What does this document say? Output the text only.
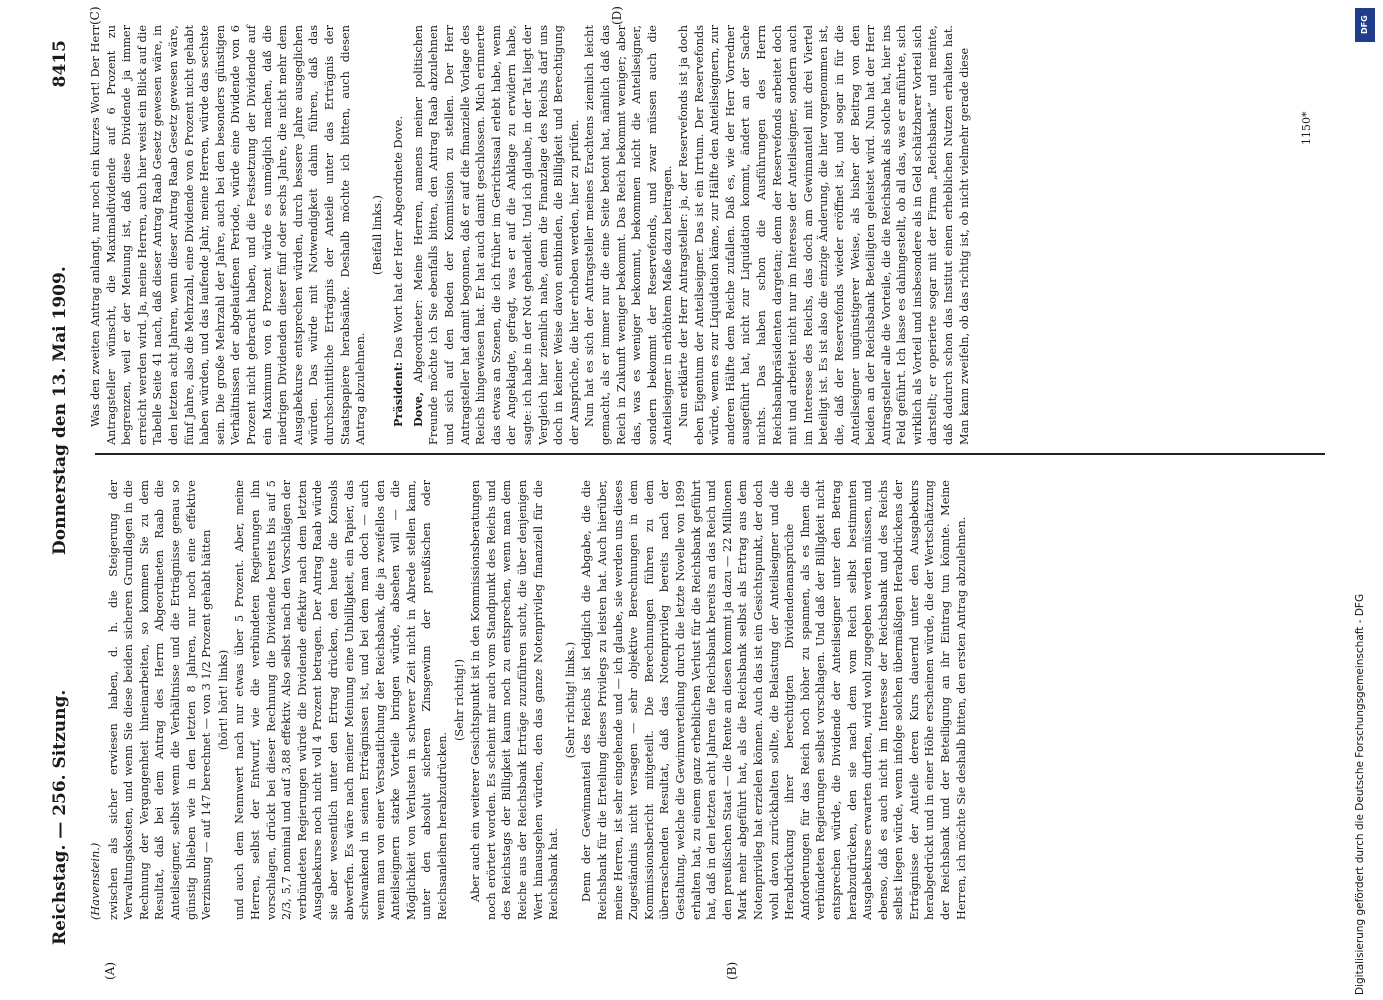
Reichstag. — 256. Sitzung.
Donnerstag den 13. Mai 1909.
8415
(A)	(B)
(C)	(D)

(Havenstein.) zwischen als sicher erwiesen haben, d. h. die Steigerung der Verwaltungskosten, und wenn Sie diese beiden sicheren Grundlagen in die Rechnung der Vergangenheit hineinarbeiten, so kommen Sie zu dem Resultat, daß bei dem Antrag des Herrn Abgeordneten Raab die Anteilseigner, selbst wenn die Verhältnisse und die Erträgnisse genau so günstig blieben wie in den letzten 8 Jahren, nur noch eine effektive Verzinsung — auf 147 berechnet — von 3 1/2 Prozent gehabt hätten (hört! hört! links) und auch dem Nennwert nach nur etwas über 5 Prozent. Aber, meine Herren, selbst der Entwurf, wie die verbündeten Regierungen ihn vorschlagen, drückt bei dieser Rechnung die Dividende bereits bis auf 5 2/3, 5,7 nominal und auf 3,88 effektiv. Also selbst nach den Vorschlägen der verbündeten Regierungen würde die Dividende effektiv nach dem letzten Ausgabekurse noch nicht voll 4 Prozent betragen. Der Antrag Raab würde sie aber wesentlich unter den Ertrag drücken, den heute die Konsols abwerfen. Es wäre nach meiner Meinung eine Unbilligkeit, ein Papier, das schwankend in seinen Erträgnissen ist, und bei dem man doch — auch wenn man von einer Verstaatlichung der Reichsbank, die ja zweifellos den Anteilseignern starke Vorteile bringen würde, absehen will — die Möglichkeit von Verlusten in schwerer Zeit nicht in Abrede stellen kann, unter den absolut sicheren Zinsgewinn der preußischen oder Reichsanleihen herabzudrücken.

(Sehr richtig!) Aber auch ein weiterer Gesichtspunkt ist in den Kommissionsberatungen noch erörtert worden. Es scheint mir auch vom Standpunkt des Reichs und des Reichstags der Billigkeit kaum noch zu entsprechen, wenn man dem Reiche aus der Reichsbank Erträge zuzuführen sucht, die über denjenigen Wert hinausgehen würden, den das ganze Notenprivileg finanziell für die Reichsbank hat.

(Sehr richtig! links.) Denn der Gewinnanteil des Reichs ist lediglich die Abgabe, die die Reichsbank für die Erteilung dieses Privilegs zu leisten hat. Auch hierüber, meine Herren, ist sehr eingehende und — ich glaube, sie werden uns dieses Zugeständnis nicht versagen — sehr objektive Berechnungen in dem Kommissionsbericht mitgeteilt. Die Berechnungen führen zu dem überraschenden Resultat, daß das Notenprivileg bereits nach der Gestaltung, welche die Gewinnverteilung durch die letzte Novelle von 1899 erhalten hat, zu einem ganz erheblichen Verlust für die Reichsbank geführt hat, daß in den letzten acht Jahren die Reichsbank bereits an das Reich und den preußischen Staat — die Rente an diesen kommt ja dazu — 22 Millionen Mark mehr abgeführt hat, als die Reichsbank selbst als Ertrag aus dem Notenprivileg hat erzielen können. Auch das ist ein Gesichtspunkt, der doch wohl davon zurückhalten sollte, die Belastung der Anteilseigner und die Herabdrückung ihrer berechtigten Dividendenansprüche die Anforderungen für das Reich noch höher zu spannen, als es Ihnen die verbündeten Regierungen selbst vorschlagen. Und daß der Billigkeit nicht entsprechen würde, die Dividende der Anteilseigner unter den Betrag herabzudrücken, den sie nach dem vom Reich selbst bestimmten Ausgabekurse erwarten durften, wird wohl zugegeben werden müssen, und ebenso, daß es auch nicht im Interesse der Reichsbank und des Reichs selbst liegen würde, wenn infolge solchen übermäßigen Herabdrückens der Erträgnisse der Anteile deren Kurs dauernd unter den Ausgabekurs herabgedrückt und in einer Höhe erscheinen würde, die der Wertschätzung der Reichsbank und der Beteiligung an ihr Eintrag tun könnte. Meine Herren, ich möchte Sie deshalb bitten, den ersten Antrag abzulehnen.

Was den zweiten Antrag anlangt, nur noch ein kurzes Wort! Der Herr Antragsteller wünscht, die Maximaldividende auf 6 Prozent zu begrenzen, weil er der Meinung ist, daß diese Dividende ja immer erreicht werden wird. Ja, meine Herren, auch hier weist ein Blick auf die Tabelle Seite 41 nach, daß dieser Antrag Raab Gesetz gewesen wäre, in den letzten acht Jahren, wenn dieser Antrag Raab Gesetz gewesen wäre, fünf Jahre, also die Mehrzahl, eine Dividende von 6 Prozent nicht gehabt haben würden, und das laufende Jahr, meine Herren, würde das sechste sein. Die große Mehrzahl der Jahre, auch bei den besonders günstigen Verhältnissen der abgelaufenen Periode, würde eine Dividende von 6 Prozent nicht gebracht haben, und die Festsetzung der Dividende auf ein Maximum von 6 Prozent würde es unmöglich machen, daß die niedrigen Dividenden dieser fünf oder sechs Jahre, die nicht mehr dem Ausgabekurse entsprechen würden, durch bessere Jahre ausgeglichen würden. Das würde mit Notwendigkeit dahin führen, daß das durchschnittliche Erträgnis der Anteile unter das Erträgnis der Staatspapiere herabsänke. Deshalb möchte ich bitten, auch diesen Antrag abzulehnen.

(Beifall links.)

Präsident: Das Wort hat der Herr Abgeordnete Dove.

Dove, Abgeordneter: Meine Herren, namens meiner politischen Freunde möchte ich Sie ebenfalls bitten, den Antrag Raab abzulehnen und sich auf den Boden der Kommission zu stellen. Der Herr Antragsteller hat damit begonnen, daß er auf die finanzielle Vorlage des Reichs hingewiesen hat. Er hat auch damit geschlossen. Mich erinnerte das etwas an Szenen, die ich früher im Gerichtssaal erlebt habe, wenn der Angeklagte, gefragt, was er auf die Anklage zu erwidern habe, sagte: ich habe in der Not gehandelt. Und ich glaube, in der Tat liegt der Vergleich hier ziemlich nahe, denn die Finanzlage des Reichs darf uns doch in keiner Weise davon entbinden, die Billigkeit und Berechtigung der Ansprüche, die hier erhoben werden, hier zu prüfen. Nun hat es sich der Antragsteller meines Erachtens ziemlich leicht gemacht, als er immer nur die eine Seite betont hat, nämlich daß das Reich in Zukunft weniger bekommt. Das Reich bekommt weniger; aber das, was es weniger bekommt, bekommen nicht die Anteilseigner, sondern bekommt der Reservefonds, und zwar müssen auch die Anteilseigner in erhöhtem Maße dazu beitragen. Nun erklärte der Herr Antragsteller: ja, der Reservefonds ist ja doch eben Eigentum der Anteilseigner. Das ist ein Irrtum. Der Reservefonds würde, wenn es zur Liquidation käme, zur Hälfte den Anteilseignern, zur anderen Hälfte dem Reiche zufallen. Daß es, wie der Herr Vorredner ausgeführt hat, nicht zur Liquidation kommt, ändert an der Sache nichts. Das haben schon die Ausführungen des Herrn Reichsbankpräsidenten dargetan; denn der Reservefonds arbeitet doch mit und arbeitet nicht nur im Interesse der Anteilseigner, sondern auch im Interesse des Reichs, das doch am Gewinnanteil mit drei Viertel beteiligt ist. Es ist also die einzige Änderung, die hier vorgenommen ist, die, daß der Reservefonds wieder eröffnet ist, und sogar in für die Anteilseigner ungünstigerer Weise, als bisher der Beitrag von den beiden an der Reichsbank Beteiligten geleistet wird. Nun hat der Herr Antragsteller alle die Vorteile, die die Reichsbank als solche hat, hier ins Feld geführt. Ich lasse es dahingestellt, ob all das, was er anführte, sich wirklich als Vorteil und insbesondere als in Geld schätzbarer Vorteil sich darstellt; er operierte sogar mit der Firma „Reichsbank“ und meinte, daß dadurch schon das Institut einen erheblichen Nutzen erhalten hat. Man kann zweifeln, ob das richtig ist, ob nicht vielmehr gerade diese	1150*
DFG
Digitalisierung gefördert durch die Deutsche Forschungsgemeinschaft - DFG
